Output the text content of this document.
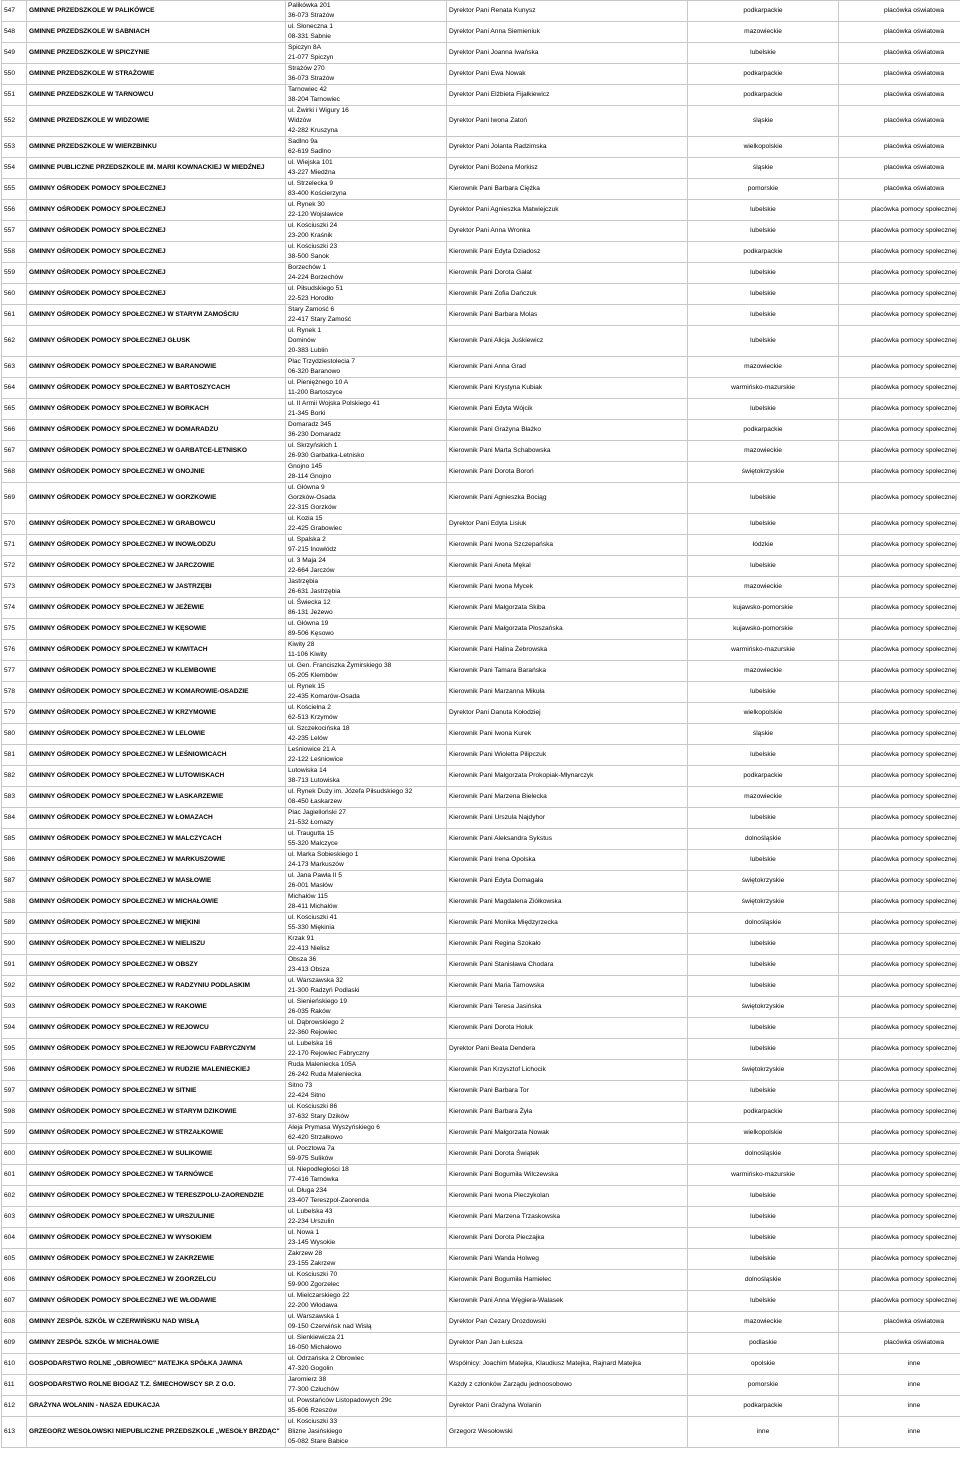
547	GMINNE PRZEDSZKOLE W PALIKÓWCE	Palikówka 201
36-073 Strażów	Dyrektor Pani Renata Kunysz	podkarpackie	placówka oświatowa
548	GMINNE PRZEDSZKOLE W SABNIACH	ul. Słoneczna 1
08-331 Sabnie	Dyrektor Pani Anna Siemieniuk	mazowieckie	placówka oświatowa
549	GMINNE PRZEDSZKOLE W SPICZYNIE	Spiczyn 8A
21-077 Spiczyn	Dyrektor Pani Joanna Iwańska	lubelskie	placówka oświatowa
550	GMINNE PRZEDSZKOLE W STRAŻOWIE	Strażów 270
36-073 Strażów	Dyrektor Pani Ewa Nowak	podkarpackie	placówka oświatowa
551	GMINNE PRZEDSZKOLE W TARNOWCU	Tarnowiec 42
38-204 Tarnowiec	Dyrektor Pani Elżbieta Fijałkiewicz	podkarpackie	placówka oświatowa
552	GMINNE PRZEDSZKOLE W WIDZOWIE	ul. Żwirki i Wigury 16
Widzów
42-282 Kruszyna	Dyrektor Pani Iwona Zatoń	śląskie	placówka oświatowa
553	GMINNE PRZEDSZKOLE W WIERZBINKU	Sadlno 9a
62-619 Sadlno	Dyrektor Pani Jolanta Radzimska	wielkopolskie	placówka oświatowa
554	GMINNE PUBLICZNE PRZEDSZKOLE IM. MARII KOWNACKIEJ W MIEDŹNEJ	ul. Wiejska 101
43-227 Miedźna	Dyrektor Pani Bożena Morkisz	śląskie	placówka oświatowa
555	GMINNY OŚRODEK POMOCY SPOŁECZNEJ	ul. Strzelecka 9
83-400 Kościerzyna	Kierownik Pani Barbara Ciężka	pomorskie	placówka oświatowa
556	GMINNY OŚRODEK POMOCY SPOŁECZNEJ	ul. Rynek 30
22-120 Wojsławice	Dyrektor Pani Agnieszka Matwiejczuk	lubelskie	placówka pomocy społecznej
557	GMINNY OŚRODEK POMOCY SPOŁECZNEJ	ul. Kościuszki 24
23-200 Kraśnik	Dyrektor Pani Anna Wronka	lubelskie	placówka pomocy społecznej
558	GMINNY OŚRODEK POMOCY SPOŁECZNEJ	ul. Kościuszki 23
38-500 Sanok	Kierownik Pani Edyta Dziadosz	podkarpackie	placówka pomocy społecznej
559	GMINNY OŚRODEK POMOCY SPOŁECZNEJ	Borzechów 1
24-224 Borzechów	Kierownik Pani Dorota Gałat	lubelskie	placówka pomocy społecznej
560	GMINNY OŚRODEK POMOCY SPOŁECZNEJ	ul. Piłsudskiego 51
22-523 Horodło	Kierownik Pani Zofia Dańczuk	lubelskie	placówka pomocy społecznej
561	GMINNY OŚRODEK POMOCY SPOŁECZNEJ W STARYM ZAMOŚCIU	Stary Zamość 6
22-417 Stary Zamość	Kierownik Pani Barbara Molas	lubelskie	placówka pomocy społecznej
562	GMINNY OŚRODEK POMOCY SPOŁECZNEJ GŁUSK	ul. Rynek 1
Dominów
20-383 Lublin	Kierownik Pani Alicja Juśkiewicz	lubelskie	placówka pomocy społecznej
563	GMINNY OŚRODEK POMOCY SPOŁECZNEJ W BARANOWIE	Plac Trzydziestolecia 7
06-320 Baranowo	Kierownik Pani Anna Grad	mazowieckie	placówka pomocy społecznej
564	GMINNY OŚRODEK POMOCY SPOŁECZNEJ W BARTOSZYCACH	ul. Pieniężnego 10 A
11-200 Bartoszyce	Kierownik Pani Krystyna Kubiak	warmińsko-mazurskie	placówka pomocy społecznej
565	GMINNY OŚRODEK POMOCY SPOŁECZNEJ W BORKACH	ul. II Armii Wojska Polskiego 41
21-345 Borki	Kierownik Pani Edyta Wójcik	lubelskie	placówka pomocy społecznej
566	GMINNY OŚRODEK POMOCY SPOŁECZNEJ W DOMARADZU	Domaradz 345
36-230 Domaradz	Kierownik Pani Grażyna Błażko	podkarpackie	placówka pomocy społecznej
567	GMINNY OŚRODEK POMOCY SPOŁECZNEJ W GARBATCE-LETNISKO	ul. Skrzyńskich 1
26-930 Garbatka-Letnisko	Kierownik Pani Marta Schabowska	mazowieckie	placówka pomocy społecznej
568	GMINNY OŚRODEK POMOCY SPOŁECZNEJ W GNOJNIE	Gnojno 145
28-114 Gnojno	Kierownik Pani Dorota Boroń	świętokrzyskie	placówka pomocy społecznej
569	GMINNY OŚRODEK POMOCY SPOŁECZNEJ W GORZKOWIE	ul. Główna 9
Gorzków-Osada
22-315 Gorzków	Kierownik Pani Agnieszka Bociąg	lubelskie	placówka pomocy społecznej
570	GMINNY OŚRODEK POMOCY SPOŁECZNEJ W GRABOWCU	ul. Kozia 15
22-425 Grabowiec	Dyrektor Pani Edyta Lisiuk	lubelskie	placówka pomocy społecznej
571	GMINNY OŚRODEK POMOCY SPOŁECZNEJ W INOWŁODZU	ul. Spalska 2
97-215 Inowłódz	Kierownik Pani Iwona Szczepańska	łódzkie	placówka pomocy społecznej
572	GMINNY OŚRODEK POMOCY SPOŁECZNEJ W JARCZOWIE	ul. 3 Maja 24
22-664 Jarczów	Kierownik Pani Aneta Mękal	lubelskie	placówka pomocy społecznej
573	GMINNY OŚRODEK POMOCY SPOŁECZNEJ W JASTRZĘBI	Jastrzębia
26-631 Jastrzębia	Kierownik Pani Iwona Mycek	mazowieckie	placówka pomocy społecznej
574	GMINNY OŚRODEK POMOCY SPOŁECZNEJ W JEŻEWIE	ul. Świecka 12
86-131 Jeżewo	Kierownik Pani Małgorzata Skiba	kujawsko-pomorskie	placówka pomocy społecznej
575	GMINNY OŚRODEK POMOCY SPOŁECZNEJ W KĘSOWIE	ul. Główna 19
89-506 Kęsowo	Kierownik Pani Małgorzata Płoszańska	kujawsko-pomorskie	placówka pomocy społecznej
576	GMINNY OŚRODEK POMOCY SPOŁECZNEJ W KIWITACH	Kiwity 28
11-106 Kiwity	Kierownik Pani Halina Żebrowska	warmińsko-mazurskie	placówka pomocy społecznej
577	GMINNY OŚRODEK POMOCY SPOŁECZNEJ W KLEMBOWIE	ul. Gen. Franciszka Żymirskiego 38
05-205 Klembów	Kierownik Pani Tamara Barańska	mazowieckie	placówka pomocy społecznej
578	GMINNY OŚRODEK POMOCY SPOŁECZNEJ W KOMAROWIE-OSADZIE	ul. Rynek 15
22-435 Komarów-Osada	Kierownik Pani Marzanna Mikuła	lubelskie	placówka pomocy społecznej
579	GMINNY OŚRODEK POMOCY SPOŁECZNEJ W KRZYMOWIE	ul. Kościelna 2
62-513 Krzymów	Dyrektor Pani Danuta Kołodziej	wielkopolskie	placówka pomocy społecznej
580	GMINNY OŚRODEK POMOCY SPOŁECZNEJ W LELOWIE	ul. Szczekocińska 18
42-235 Lelów	Kierownik Pani Iwona Kurek	śląskie	placówka pomocy społecznej
581	GMINNY OŚRODEK POMOCY SPOŁECZNEJ W LEŚNIOWICACH	Leśniowice 21 A
22-122 Leśniowice	Kierownik Pani Wioletta Pilipczuk	lubelskie	placówka pomocy społecznej
582	GMINNY OŚRODEK POMOCY SPOŁECZNEJ W LUTOWISKACH	Lutowiska 14
38-713 Lutowiska	Kierownik Pani Małgorzata Prokopiak-Młynarczyk	podkarpackie	placówka pomocy społecznej
583	GMINNY OŚRODEK POMOCY SPOŁECZNEJ W ŁASKARZEWIE	ul. Rynek Duży im. Józefa Piłsudskiego 32
08-450 Łaskarzew	Kierownik Pani Marzena Bielecka	mazowieckie	placówka pomocy społecznej
584	GMINNY OŚRODEK POMOCY SPOŁECZNEJ W ŁOMAZACH	Plac Jagielloński 27
21-532 Łomazy	Kierownik Pani Urszula Najdyhor	lubelskie	placówka pomocy społecznej
585	GMINNY OŚRODEK POMOCY SPOŁECZNEJ W MALCZYCACH	ul. Traugutta 15
55-320 Malczyce	Kierownik Pani Aleksandra Sykstus	dolnośląskie	placówka pomocy społecznej
586	GMINNY OŚRODEK POMOCY SPOŁECZNEJ W MARKUSZOWIE	ul. Marka Sobieskiego 1
24-173 Markuszów	Kierownik Pani Irena Opolska	lubelskie	placówka pomocy społecznej
587	GMINNY OŚRODEK POMOCY SPOŁECZNEJ W MASŁOWIE	ul. Jana Pawła II 5
26-001 Masłów	Kierownik Pani Edyta Domagała	świętokrzyskie	placówka pomocy społecznej
588	GMINNY OŚRODEK POMOCY SPOŁECZNEJ W MICHAŁOWIE	Michałów 115
28-411 Michałów	Kierownik Pani Magdalena Ziółkowska	świętokrzyskie	placówka pomocy społecznej
589	GMINNY OŚRODEK POMOCY SPOŁECZNEJ W MIĘKINI	ul. Kościuszki 41
55-330 Miękinia	Kierownik Pani Monika Międzyrzecka	dolnośląskie	placówka pomocy społecznej
590	GMINNY OŚRODEK POMOCY SPOŁECZNEJ W NIELISZU	Krzak 91
22-413 Nielisz	Kierownik Pani Regina Szokało	lubelskie	placówka pomocy społecznej
591	GMINNY OŚRODEK POMOCY SPOŁECZNEJ W OBSZY	Obsza 36
23-413 Obsza	Kierownik Pani Stanisława Chodara	lubelskie	placówka pomocy społecznej
592	GMINNY OŚRODEK POMOCY SPOŁECZNEJ W RADZYNIU PODLASKIM	ul. Warszawska 32
21-300 Radzyń Podlaski	Kierownik Pani Maria Tarnowska	lubelskie	placówka pomocy społecznej
593	GMINNY OŚRODEK POMOCY SPOŁECZNEJ W RAKOWIE	ul. Sienieńskiego 19
26-035 Raków	Kierownik Pani Teresa Jasińska	świętokrzyskie	placówka pomocy społecznej
594	GMINNY OŚRODEK POMOCY SPOŁECZNEJ W REJOWCU	ul. Dąbrowskiego 2
22-360 Rejowiec	Kierownik Pani Dorota Holuk	lubelskie	placówka pomocy społecznej
595	GMINNY OŚRODEK POMOCY SPOŁECZNEJ W REJOWCU FABRYCZNYM	ul. Lubelska 16
22-170 Rejowiec Fabryczny	Dyrektor Pani Beata Dendera	lubelskie	placówka pomocy społecznej
596	GMINNY OŚRODEK POMOCY SPOŁECZNEJ W RUDZIE MALENIECKIEJ	Ruda Maleniecka 105A
26-242 Ruda Maleniecka	Kierownik Pan Krzysztof Lichocik	świętokrzyskie	placówka pomocy społecznej
597	GMINNY OŚRODEK POMOCY SPOŁECZNEJ W SITNIE	Sitno 73
22-424 Sitno	Kierownik Pani Barbara Tor	lubelskie	placówka pomocy społecznej
598	GMINNY OŚRODEK POMOCY SPOŁECZNEJ W STARYM DZIKOWIE	ul. Kościuszki 86
37-632 Stary Dzików	Kierownik Pani Barbara Żyła	podkarpackie	placówka pomocy społecznej
599	GMINNY OŚRODEK POMOCY SPOŁECZNEJ W STRZAŁKOWIE	Aleja Prymasa Wyszyńskiego 6
62-420 Strzałkowo	Kierownik Pani Małgorzata Nowak	wielkopolskie	placówka pomocy społecznej
600	GMINNY OŚRODEK POMOCY SPOŁECZNEJ W SULIKOWIE	ul. Pocztowa 7a
59-975 Sulików	Kierownik Pani Dorota Świątek	dolnośląskie	placówka pomocy społecznej
601	GMINNY OŚRODEK POMOCY SPOŁECZNEJ W TARNÓWCE	ul. Niepodległości 18
77-416 Tarnówka	Kierownik Pani Bogumiła Wilczewska	warmińsko-mazurskie	placówka pomocy społecznej
602	GMINNY OŚRODEK POMOCY SPOŁECZNEJ W TERESZPOLU-ZAORENDZIE	ul. Długa 234
23-407 Tereszpol-Zaorenda	Kierownik Pani Iwona Pieczykolan	lubelskie	placówka pomocy społecznej
603	GMINNY OŚRODEK POMOCY SPOŁECZNEJ W URSZULINIE	ul. Lubelska 43
22-234 Urszulin	Kierownik Pani Marzena Trzaskowska	lubelskie	placówka pomocy społecznej
604	GMINNY OŚRODEK POMOCY SPOŁECZNEJ W WYSOKIEM	ul. Nowa 1
23-145 Wysokie	Kierownik Pani Dorota Pieczajka	lubelskie	placówka pomocy społecznej
605	GMINNY OŚRODEK POMOCY SPOŁECZNEJ W ZAKRZEWIE	Zakrzew 28
23-155 Zakrzew	Kierownik Pani Wanda Holweg	lubelskie	placówka pomocy społecznej
606	GMINNY OŚRODEK POMOCY SPOŁECZNEJ W ZGORZELCU	ul. Kościuszki 70
59-900 Zgorzelec	Kierownik Pani Bogumiła Hamielec	dolnośląskie	placówka pomocy społecznej
607	GMINNY OŚRODEK POMOCY SPOŁECZNEJ WE WŁODAWIE	ul. Mielczarskiego 22
22-200 Włodawa	Kierownik Pani Anna Węgiera-Walasek	lubelskie	placówka pomocy społecznej
608	GMINNY ZESPÓŁ SZKÓŁ W CZERWIŃSKU NAD WISŁĄ	ul. Warszawska 1
09-150 Czerwińsk nad Wisłą	Dyrektor Pan Cezary Drozdowski	mazowieckie	placówka oświatowa
609	GMINNY ZESPÓŁ SZKÓŁ W MICHAŁOWIE	ul. Sienkiewicza 21
16-050 Michałowo	Dyrektor Pan Jan Łuksza	podlaskie	placówka oświatowa
610	GOSPODARSTWO ROLNE „OBROWIEC" MATEJKA SPÓŁKA JAWNA	ul. Odrzańska 2 Obrowiec
47-320 Gogolin	Wspólnicy: Joachim Matejka, Klaudiusz Matejka, Rajnard Matejka	opolskie	inne
611	GOSPODARSTWO ROLNE BIOGAZ T.Z. ŚMIECHOWSCY SP. Z O.O.	Jaromierz 38
77-300 Człuchów	Każdy z członków Zarządu jednoosobowo	pomorskie	inne
612	GRAŻYNA WOLANIN - NASZA EDUKACJA	ul. Powstańców Listopadowych 29c
35-606 Rzeszów	Dyrektor Pani Grażyna Wolanin	podkarpackie	inne
613	GRZEGORZ WESOŁOWSKI NIEPUBLICZNE PRZEDSZKOLE „WESOŁY BRZDĄC"	ul. Kościuszki 33
Blizne Jasińskiego
05-082 Stare Babice	Grzegorz Wesołowski	inne	inne
